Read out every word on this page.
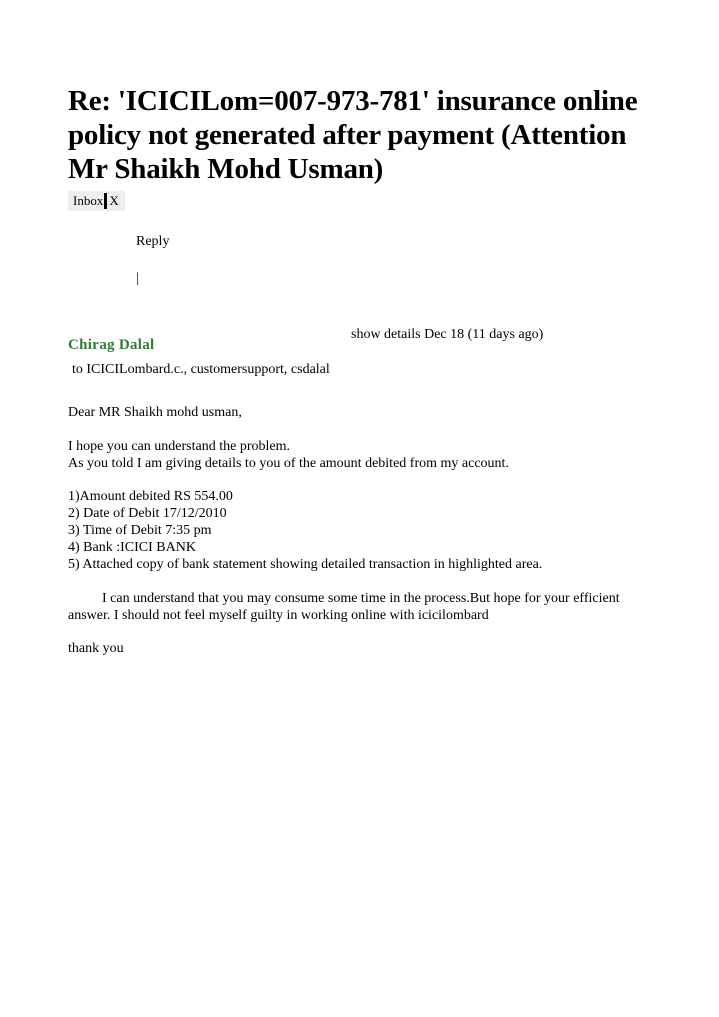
Re: 'ICICILom=007-973-781' insurance online policy not generated after payment (Attention Mr Shaikh Mohd Usman)
Inbox X
Reply
|
show details Dec 18 (11 days ago)
Chirag Dalal
to ICICILombard.c., customersupport, csdalal

Dear MR Shaikh mohd usman,

I hope you can understand the problem.

As you told I am giving details to you of the amount debited from my account.

1)Amount debited RS 554.00

2) Date of Debit 17/12/2010

3) Time of Debit 7:35 pm

4) Bank :ICICI BANK

5) Attached copy of bank statement showing detailed transaction in highlighted area.

I can understand that you may consume some time in the process.But hope for your efficient answer. I should not feel myself guilty in working online with icicilombard

thank you
